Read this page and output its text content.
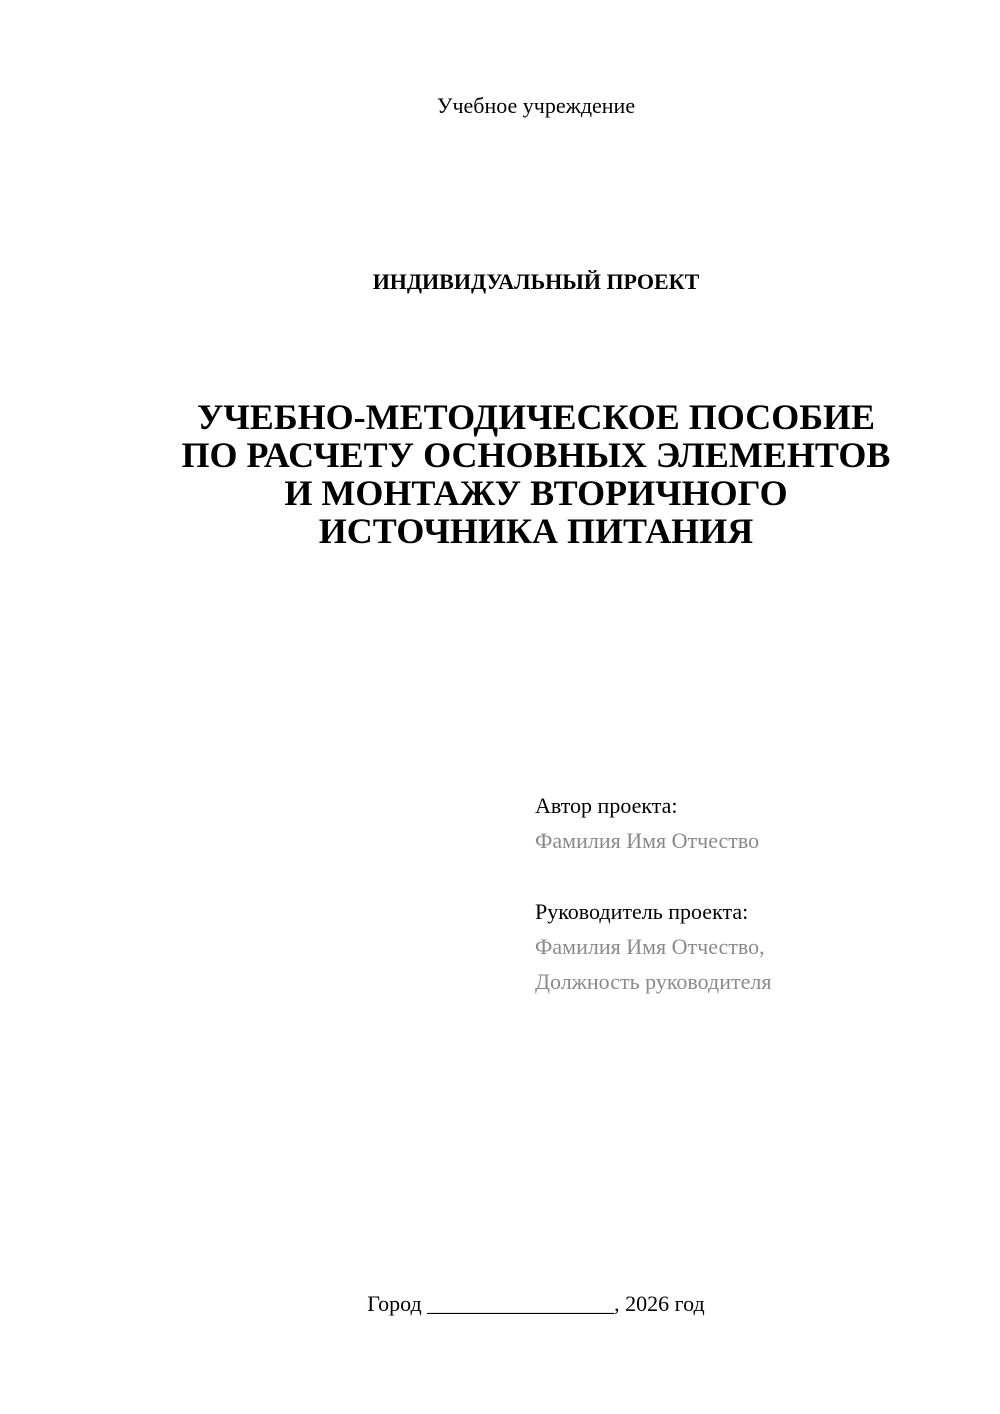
Учебное учреждение
ИНДИВИДУАЛЬНЫЙ ПРОЕКТ
УЧЕБНО-МЕТОДИЧЕСКОЕ ПОСОБИЕ
ПО РАСЧЕТУ ОСНОВНЫХ ЭЛЕМЕНТОВ
И МОНТАЖУ ВТОРИЧНОГО
ИСТОЧНИКА ПИТАНИЯ
Автор проекта:
Фамилия Имя Отчество
Руководитель проекта:
Фамилия Имя Отчество,
Должность руководителя
Город _________________, 2026 год
